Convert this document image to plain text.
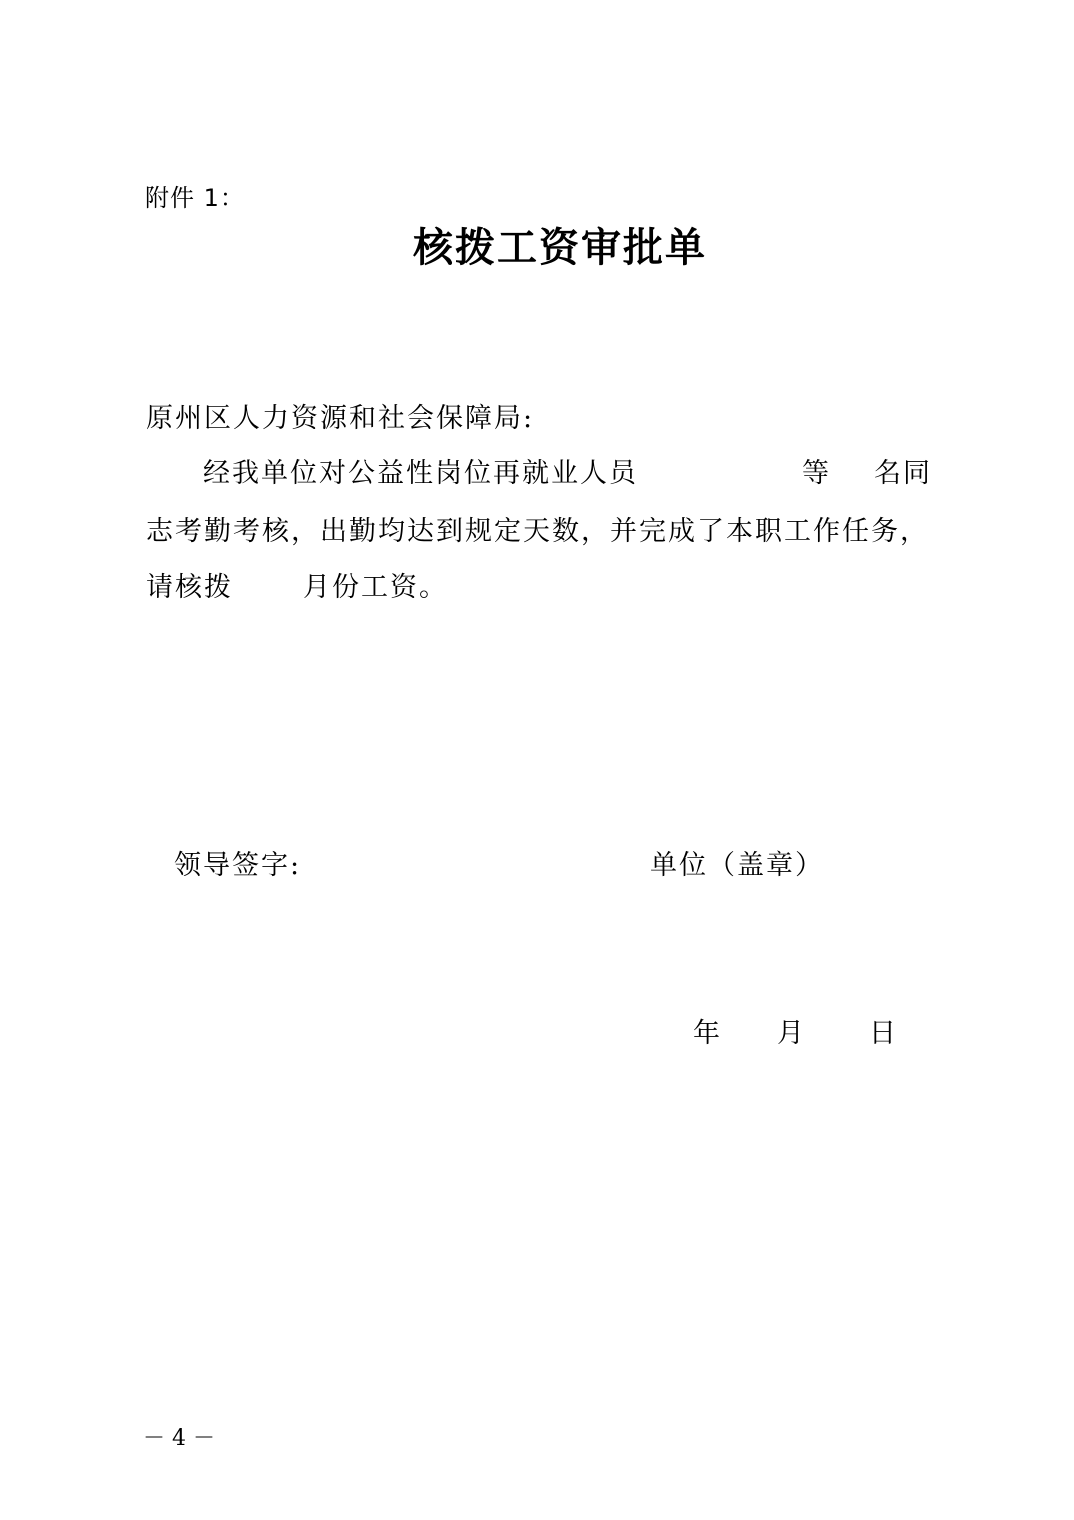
附件 1：
核拨工资审批单
原州区人力资源和社会保障局:
经我单位对公益性岗位再就业人员	等 名同
志考勤考核，出勤均达到规定天数，并完成了本职工作任务，
请核拨	月份工资。
领导签字:	单位（盖章）
年 月 日
－ 4 －
